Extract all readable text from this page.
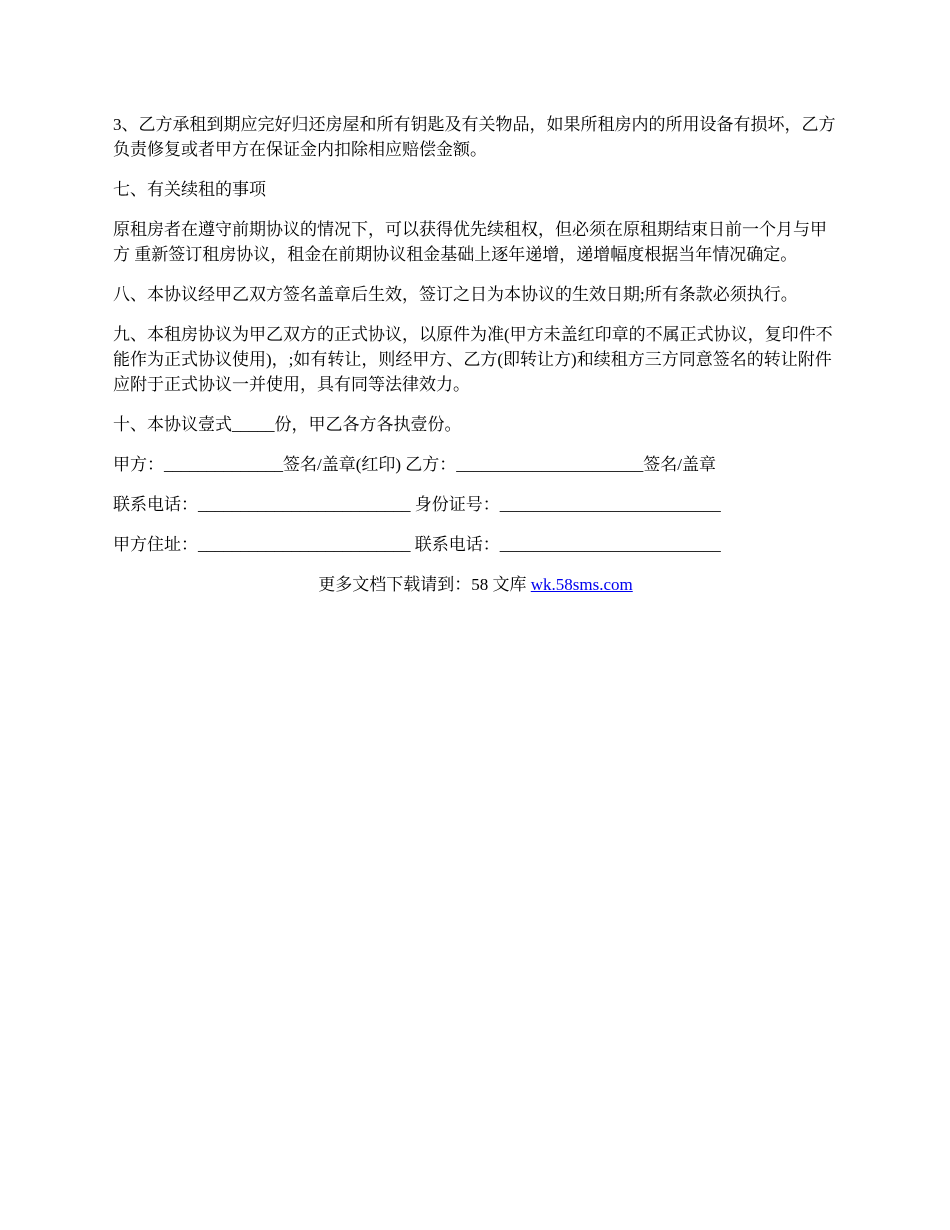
3、乙方承租到期应完好归还房屋和所有钥匙及有关物品，如果所租房内的所用设备有损坏，乙方负责修复或者甲方在保证金内扣除相应赔偿金额。

七、有关续租的事项

原租房者在遵守前期协议的情况下，可以获得优先续租权，但必须在原租期结束日前一个月与甲方 重新签订租房协议，租金在前期协议租金基础上逐年递增，递增幅度根据当年情况确定。

八、本协议经甲乙双方签名盖章后生效，签订之日为本协议的生效日期;所有条款必须执行。

九、本租房协议为甲乙双方的正式协议，以原件为准(甲方未盖红印章的不属正式协议，复印件不能作为正式协议使用)，;如有转让，则经甲方、乙方(即转让方)和续租方三方同意签名的转让附件应附于正式协议一并使用，具有同等法律效力。

十、本协议壹式_____份，甲乙各方各执壹份。

甲方：______________签名/盖章(红印) 乙方：______________________签名/盖章

联系电话：_________________________ 身份证号：__________________________

甲方住址：_________________________ 联系电话：__________________________

更多文档下载请到：58 文库 wk.58sms.com
